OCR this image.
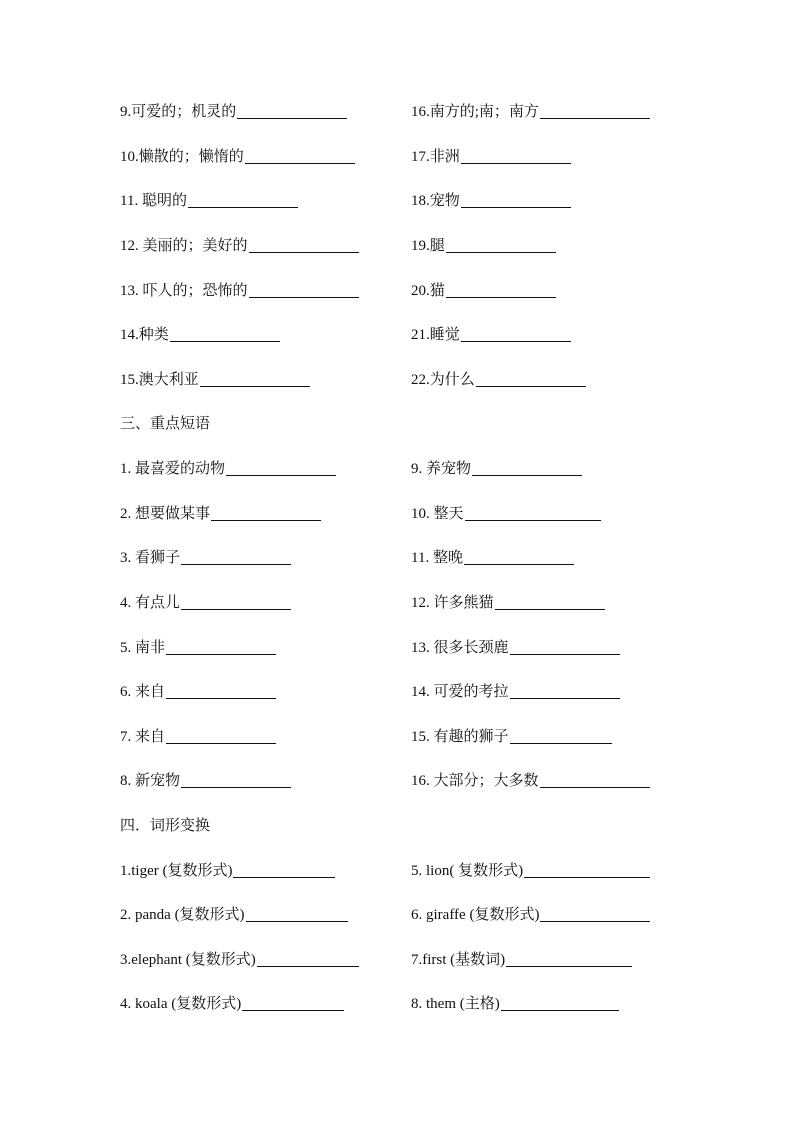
9.可爱的；机灵的
10.懒散的；懒惰的
11. 聪明的
12. 美丽的；美好的
13. 吓人的；恐怖的
14.种类
15.澳大利亚
16.南方的;南；南方
17.非洲
18.宠物
19.腿
20.猫
21.睡觉
22.为什么
三、重点短语
1. 最喜爱的动物
2. 想要做某事
3. 看狮子
4. 有点儿
5. 南非
6. 来自
7. 来自
8. 新宠物
9. 养宠物
10. 整天
11. 整晚
12. 许多熊猫
13. 很多长颈鹿
14. 可爱的考拉
15. 有趣的狮子
16. 大部分；大多数
四．词形变换
1.tiger (复数形式)
2. panda (复数形式)
3.elephant (复数形式)
4. koala (复数形式)
5. lion( 复数形式)
6. giraffe (复数形式)
7.first (基数词)
8. them (主格)
